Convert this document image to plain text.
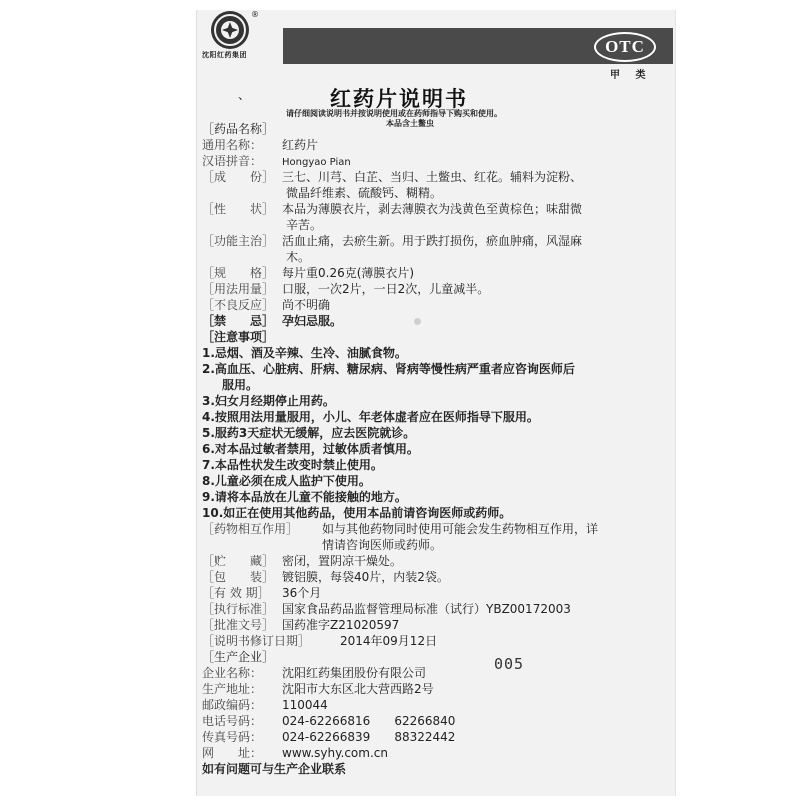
沈阳红药集团
®
、
OTC
甲 类
红药片说明书
请仔细阅读说明书并按说明使用或在药师指导下购买和使用。
本品含土鳖虫
［药品名称］
通用名称： 红药片
汉语拼音： Hongyao Pian
［成　　份］ 三七、川芎、白芷、当归、土鳖虫、红花。辅料为淀粉、
微晶纤维素、硫酸钙、糊精。
［性　　状］ 本品为薄膜衣片，剥去薄膜衣为浅黄色至黄棕色；味甜微
辛苦。
［功能主治］ 活血止痛，去瘀生新。用于跌打损伤，瘀血肿痛，风湿麻
木。
［规　　格］ 每片重0.26克(薄膜衣片)
［用法用量］ 口服，一次2片，一日2次，儿童减半。
［不良反应］ 尚不明确
［禁　　忌］ 孕妇忌服。
［注意事项］
1.忌烟、酒及辛辣、生冷、油腻食物。
2.高血压、心脏病、肝病、糖尿病、肾病等慢性病严重者应咨询医师后
服用。
3.妇女月经期停止用药。
4.按照用法用量服用，小儿、年老体虚者应在医师指导下服用。
5.服药3天症状无缓解，应去医院就诊。
6.对本品过敏者禁用，过敏体质者慎用。
7.本品性状发生改变时禁止使用。
8.儿童必须在成人监护下使用。
9.请将本品放在儿童不能接触的地方。
10.如正在使用其他药品，使用本品前请咨询医师或药师。
［药物相互作用］ 如与其他药物同时使用可能会发生药物相互作用，详
情请咨询医师或药师。
［贮　　藏］ 密闭，置阴凉干燥处。
［包　　装］ 镀铝膜，每袋40片，内装2袋。
［有 效 期］ 36个月
［执行标准］ 国家食品药品监督管理局标准（试行）YBZ00172003
［批准文号］ 国药准字Z21020597
［说明书修订日期］ 2014年09月12日
［生产企业］
企业名称： 沈阳红药集团股份有限公司	005
生产地址： 沈阳市大东区北大营西路2号
邮政编码： 110044
电话号码： 024-62266816　　62266840
传真号码： 024-62266839　　88322442
网　　址： www.syhy.com.cn
如有问题可与生产企业联系
